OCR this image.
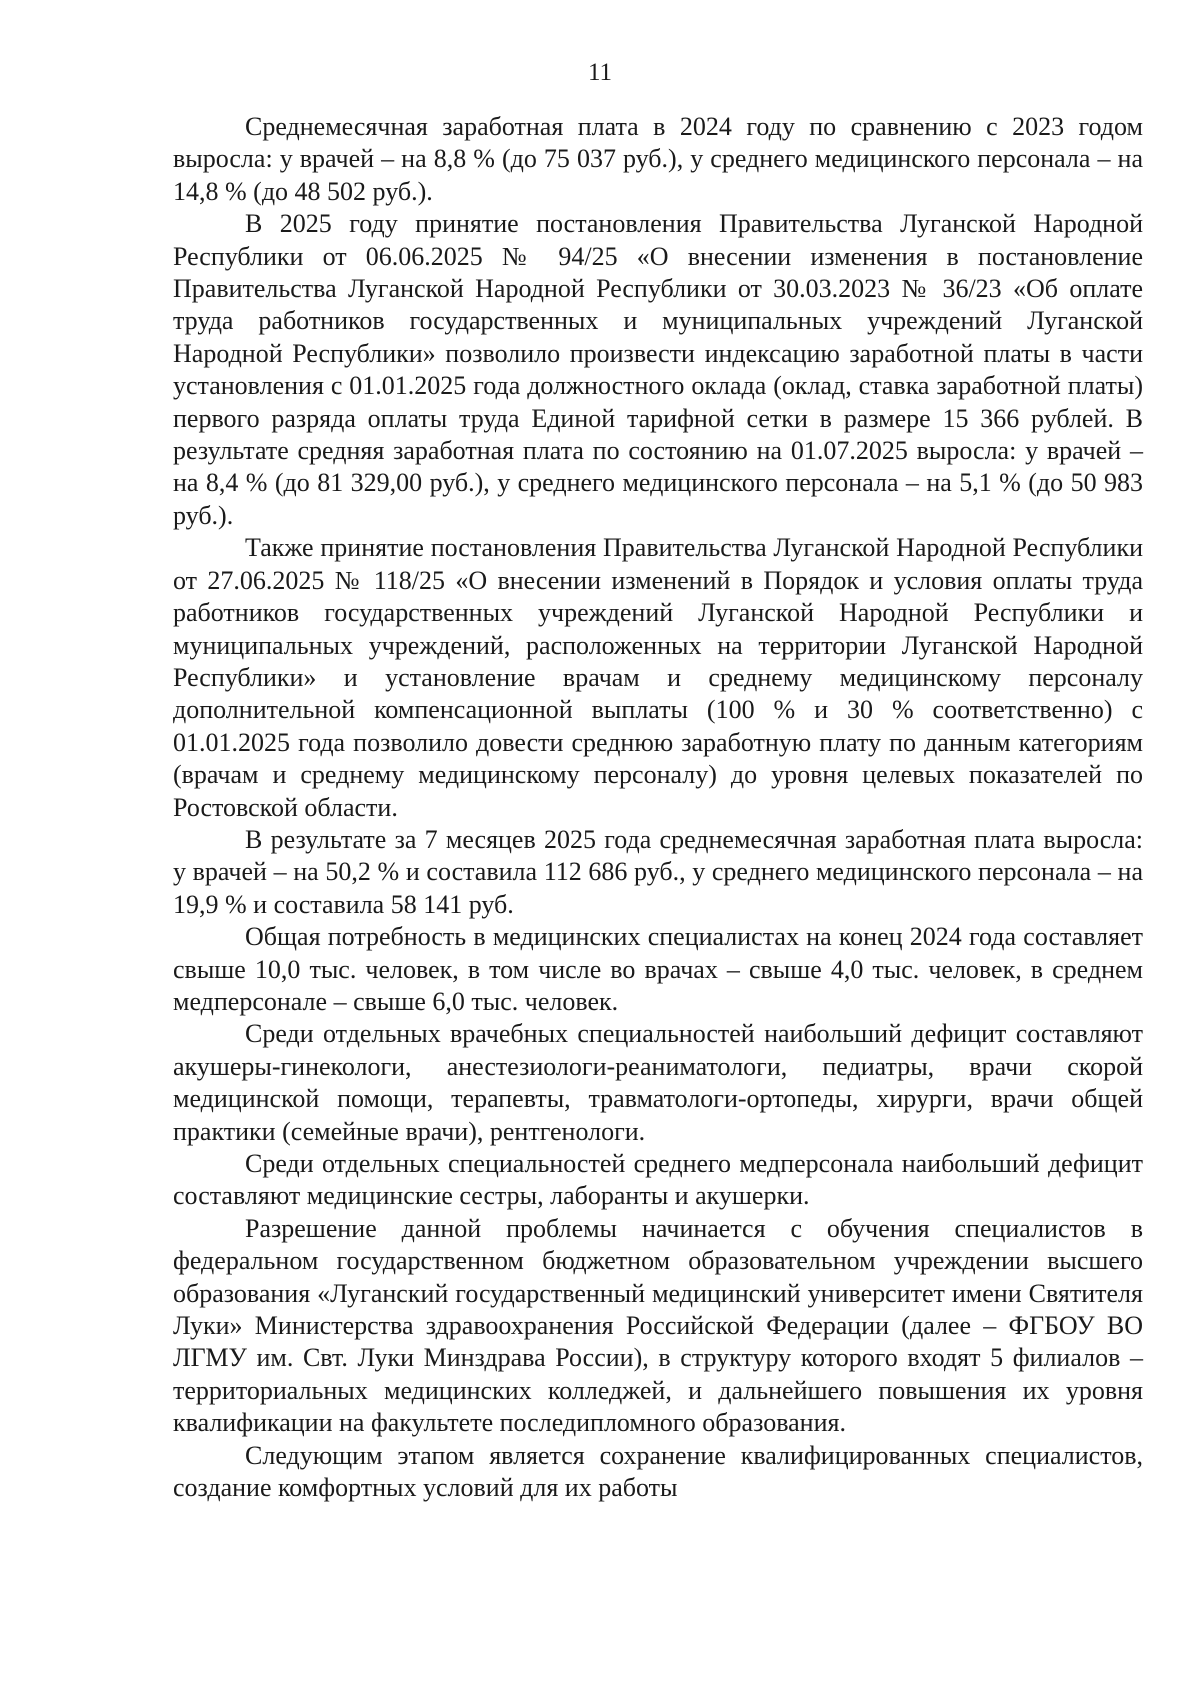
11

Среднемесячная заработная плата в 2024 году по сравнению с 2023 годом выросла: у врачей – на 8,8 % (до 75 037 руб.), у среднего медицинского персонала – на 14,8 % (до 48 502 руб.).

В 2025 году принятие постановления Правительства Луганской Народной Республики от 06.06.2025 № 94/25 «О внесении изменения в постановление Правительства Луганской Народной Республики от 30.03.2023 № 36/23 «Об оплате труда работников государственных и муниципальных учреждений Луганской Народной Республики» позволило произвести индексацию заработной платы в части установления с 01.01.2025 года должностного оклада (оклад, ставка заработной платы) первого разряда оплаты труда Единой тарифной сетки в размере 15 366 рублей. В результате средняя заработная плата по состоянию на 01.07.2025 выросла: у врачей – на 8,4 % (до 81 329,00 руб.), у среднего медицинского персонала – на 5,1 % (до 50 983 руб.).

Также принятие постановления Правительства Луганской Народной Республики от 27.06.2025 № 118/25 «О внесении изменений в Порядок и условия оплаты труда работников государственных учреждений Луганской Народной Республики и муниципальных учреждений, расположенных на территории Луганской Народной Республики» и установление врачам и среднему медицинскому персоналу дополнительной компенсационной выплаты (100 % и 30 % соответственно) с 01.01.2025 года позволило довести среднюю заработную плату по данным категориям (врачам и среднему медицинскому персоналу) до уровня целевых показателей по Ростовской области.

В результате за 7 месяцев 2025 года среднемесячная заработная плата выросла: у врачей – на 50,2 % и составила 112 686 руб., у среднего медицинского персонала – на 19,9 % и составила 58 141 руб.

Общая потребность в медицинских специалистах на конец 2024 года составляет свыше 10,0 тыс. человек, в том числе во врачах – свыше 4,0 тыс. человек, в среднем медперсонале – свыше 6,0 тыс. человек.

Среди отдельных врачебных специальностей наибольший дефицит составляют акушеры-гинекологи, анестезиологи-реаниматологи, педиатры, врачи скорой медицинской помощи, терапевты, травматологи-ортопеды, хирурги, врачи общей практики (семейные врачи), рентгенологи.

Среди отдельных специальностей среднего медперсонала наибольший дефицит составляют медицинские сестры, лаборанты и акушерки.

Разрешение данной проблемы начинается с обучения специалистов в федеральном государственном бюджетном образовательном учреждении высшего образования «Луганский государственный медицинский университет имени Святителя Луки» Министерства здравоохранения Российской Федерации (далее – ФГБОУ ВО ЛГМУ им. Свт. Луки Минздрава России), в структуру которого входят 5 филиалов – территориальных медицинских колледжей, и дальнейшего повышения их уровня квалификации на факультете последипломного образования.

Следующим этапом является сохранение квалифицированных специалистов, создание комфортных условий для их работы
